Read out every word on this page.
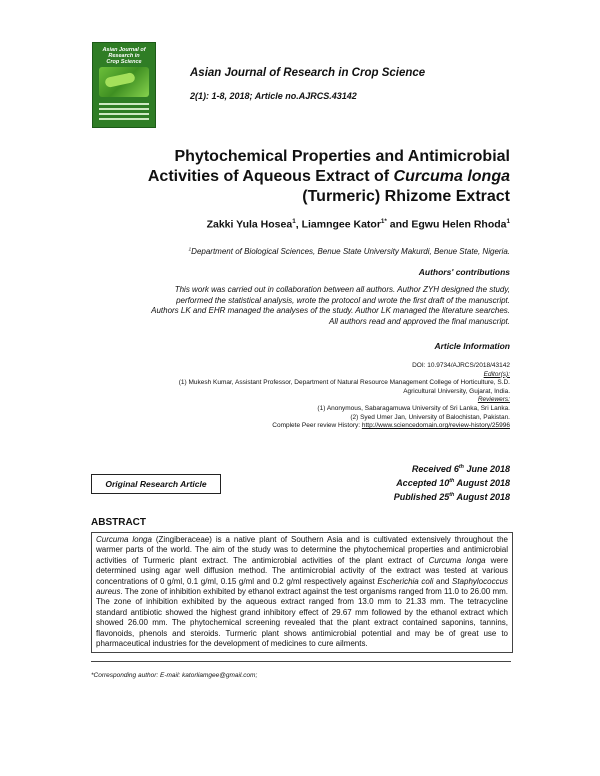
Asian Journal of
Research in
Crop Science
Asian Journal of Research in Crop Science
2(1): 1-8, 2018; Article no.AJRCS.43142
Phytochemical Properties and Antimicrobial
Activities of Aqueous Extract of Curcuma longa
(Turmeric) Rhizome Extract
Zakki Yula Hosea$^1$, Liamngee Kator$^{1*}$ and Egwu Helen Rhoda$^1$
$^1$Department of Biological Sciences, Benue State University Makurdi, Benue State, Nigeria.
Authors' contributions
This work was carried out in collaboration between all authors. Author ZYH designed the study,
performed the statistical analysis, wrote the protocol and wrote the first draft of the manuscript.
Authors LK and EHR managed the analyses of the study. Author LK managed the literature searches.
All authors read and approved the final manuscript.
Article Information
DOI: 10.9734/AJRCS/2018/43142
Editor(s):
(1) Mukesh Kumar, Assistant Professor, Department of Natural Resource Management College of Horticulture, S.D.
Agricultural University, Gujarat, India.
Reviewers:
(1) Anonymous, Sabaragamuwa University of Sri Lanka, Sri Lanka.
(2) Syed Umer Jan, University of Balochistan, Pakistan.
Complete Peer review History: http://www.sciencedomain.org/review-history/25996
Received 6th June 2018
Accepted 10th August 2018
Published 25th August 2018
Original Research Article
ABSTRACT
Curcuma longa (Zingiberaceae) is a native plant of Southern Asia and is cultivated extensively throughout the warmer parts of the world. The aim of the study was to determine the phytochemical properties and antimicrobial activities of Turmeric plant extract. The antimicrobial activities of the plant extract of Curcuma longa were determined using agar well diffusion method. The antimicrobial activity of the extract was tested at various concentrations of 0 g/ml, 0.1 g/ml, 0.15 g/ml and 0.2 g/ml respectively against Escherichia coli and Staphylococcus aureus. The zone of inhibition exhibited by ethanol extract against the test organisms ranged from 11.0 to 26.00 mm. The zone of inhibition exhibited by the aqueous extract ranged from 13.0 mm to 21.33 mm. The tetracycline standard antibiotic showed the highest grand inhibitory effect of 29.67 mm followed by the ethanol extract which showed 26.00 mm. The phytochemical screening revealed that the plant extract contained saponins, tannins, flavonoids, phenols and steroids. Turmeric plant shows antimicrobial potential and may be of great use to pharmaceutical industries for the development of medicines to cure ailments.
*Corresponding author: E-mail: katorliamgee@gmail.com;
